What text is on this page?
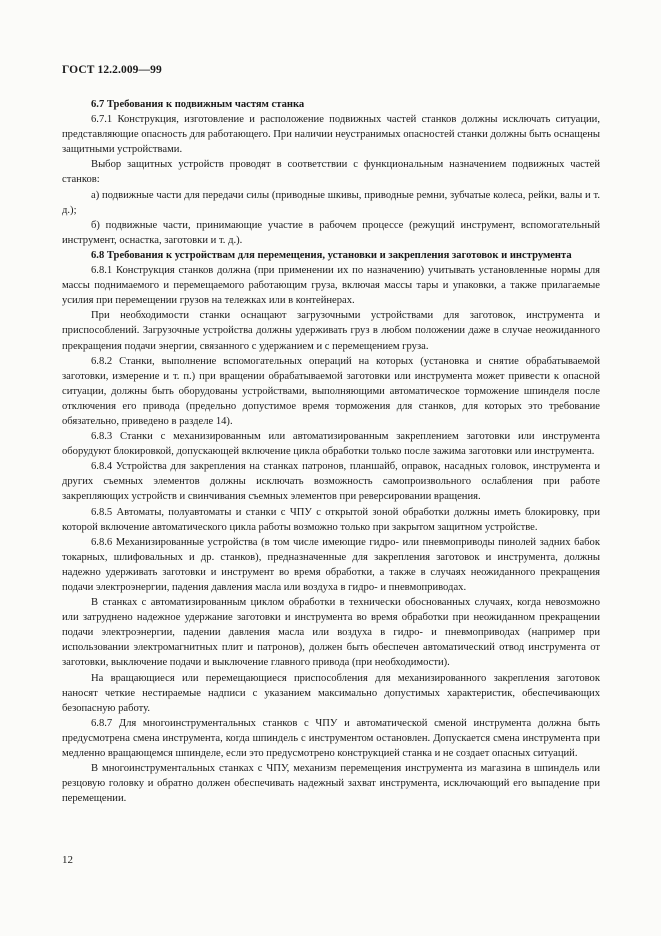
ГОСТ 12.2.009—99

6.7 Требования к подвижным частям станка

6.7.1 Конструкция, изготовление и расположение подвижных частей станков должны исключать ситуации, представляющие опасность для работающего. При наличии неустранимых опасностей станки должны быть оснащены защитными устройствами.

Выбор защитных устройств проводят в соответствии с функциональным назначением подвижных частей станков:

а) подвижные части для передачи силы (приводные шкивы, приводные ремни, зубчатые колеса, рейки, валы и т. д.);

б) подвижные части, принимающие участие в рабочем процессе (режущий инструмент, вспомогательный инструмент, оснастка, заготовки и т. д.).

6.8 Требования к устройствам для перемещения, установки и закрепления заготовок и инструмента

6.8.1 Конструкция станков должна (при применении их по назначению) учитывать установленные нормы для массы поднимаемого и перемещаемого работающим груза, включая массы тары и упаковки, а также прилагаемые усилия при перемещении грузов на тележках или в контейнерах.

При необходимости станки оснащают загрузочными устройствами для заготовок, инструмента и приспособлений. Загрузочные устройства должны удерживать груз в любом положении даже в случае неожиданного прекращения подачи энергии, связанного с удержанием и с перемещением груза.

6.8.2 Станки, выполнение вспомогательных операций на которых (установка и снятие обрабатываемой заготовки, измерение и т. п.) при вращении обрабатываемой заготовки или инструмента может привести к опасной ситуации, должны быть оборудованы устройствами, выполняющими автоматическое торможение шпинделя после отключения его привода (предельно допустимое время торможения для станков, для которых это требование обязательно, приведено в разделе 14).

6.8.3 Станки с механизированным или автоматизированным закреплением заготовки или инструмента оборудуют блокировкой, допускающей включение цикла обработки только после зажима заготовки или инструмента.

6.8.4 Устройства для закрепления на станках патронов, планшайб, оправок, насадных головок, инструмента и других съемных элементов должны исключать возможность самопроизвольного ослабления при работе закрепляющих устройств и свинчивания съемных элементов при реверсировании вращения.

6.8.5 Автоматы, полуавтоматы и станки с ЧПУ с открытой зоной обработки должны иметь блокировку, при которой включение автоматического цикла работы возможно только при закрытом защитном устройстве.

6.8.6 Механизированные устройства (в том числе имеющие гидро- или пневмоприводы пинолей задних бабок токарных, шлифовальных и др. станков), предназначенные для закрепления заготовок и инструмента, должны надежно удерживать заготовки и инструмент во время обработки, а также в случаях неожиданного прекращения подачи электроэнергии, падения давления масла или воздуха в гидро- и пневмоприводах.

В станках с автоматизированным циклом обработки в технически обоснованных случаях, когда невозможно или затруднено надежное удержание заготовки и инструмента во время обработки при неожиданном прекращении подачи электроэнергии, падении давления масла или воздуха в гидро- и пневмоприводах (например при использовании электромагнитных плит и патронов), должен быть обеспечен автоматический отвод инструмента от заготовки, выключение подачи и выключение главного привода (при необходимости).

На вращающиеся или перемещающиеся приспособления для механизированного закрепления заготовок наносят четкие нестираемые надписи с указанием максимально допустимых характеристик, обеспечивающих безопасную работу.

6.8.7 Для многоинструментальных станков с ЧПУ и автоматической сменой инструмента должна быть предусмотрена смена инструмента, когда шпиндель с инструментом остановлен. Допускается смена инструмента при медленно вращающемся шпинделе, если это предусмотрено конструкцией станка и не создает опасных ситуаций.

В многоинструментальных станках с ЧПУ, механизм перемещения инструмента из магазина в шпиндель или резцовую головку и обратно должен обеспечивать надежный захват инструмента, исключающий его выпадение при перемещении.

12
